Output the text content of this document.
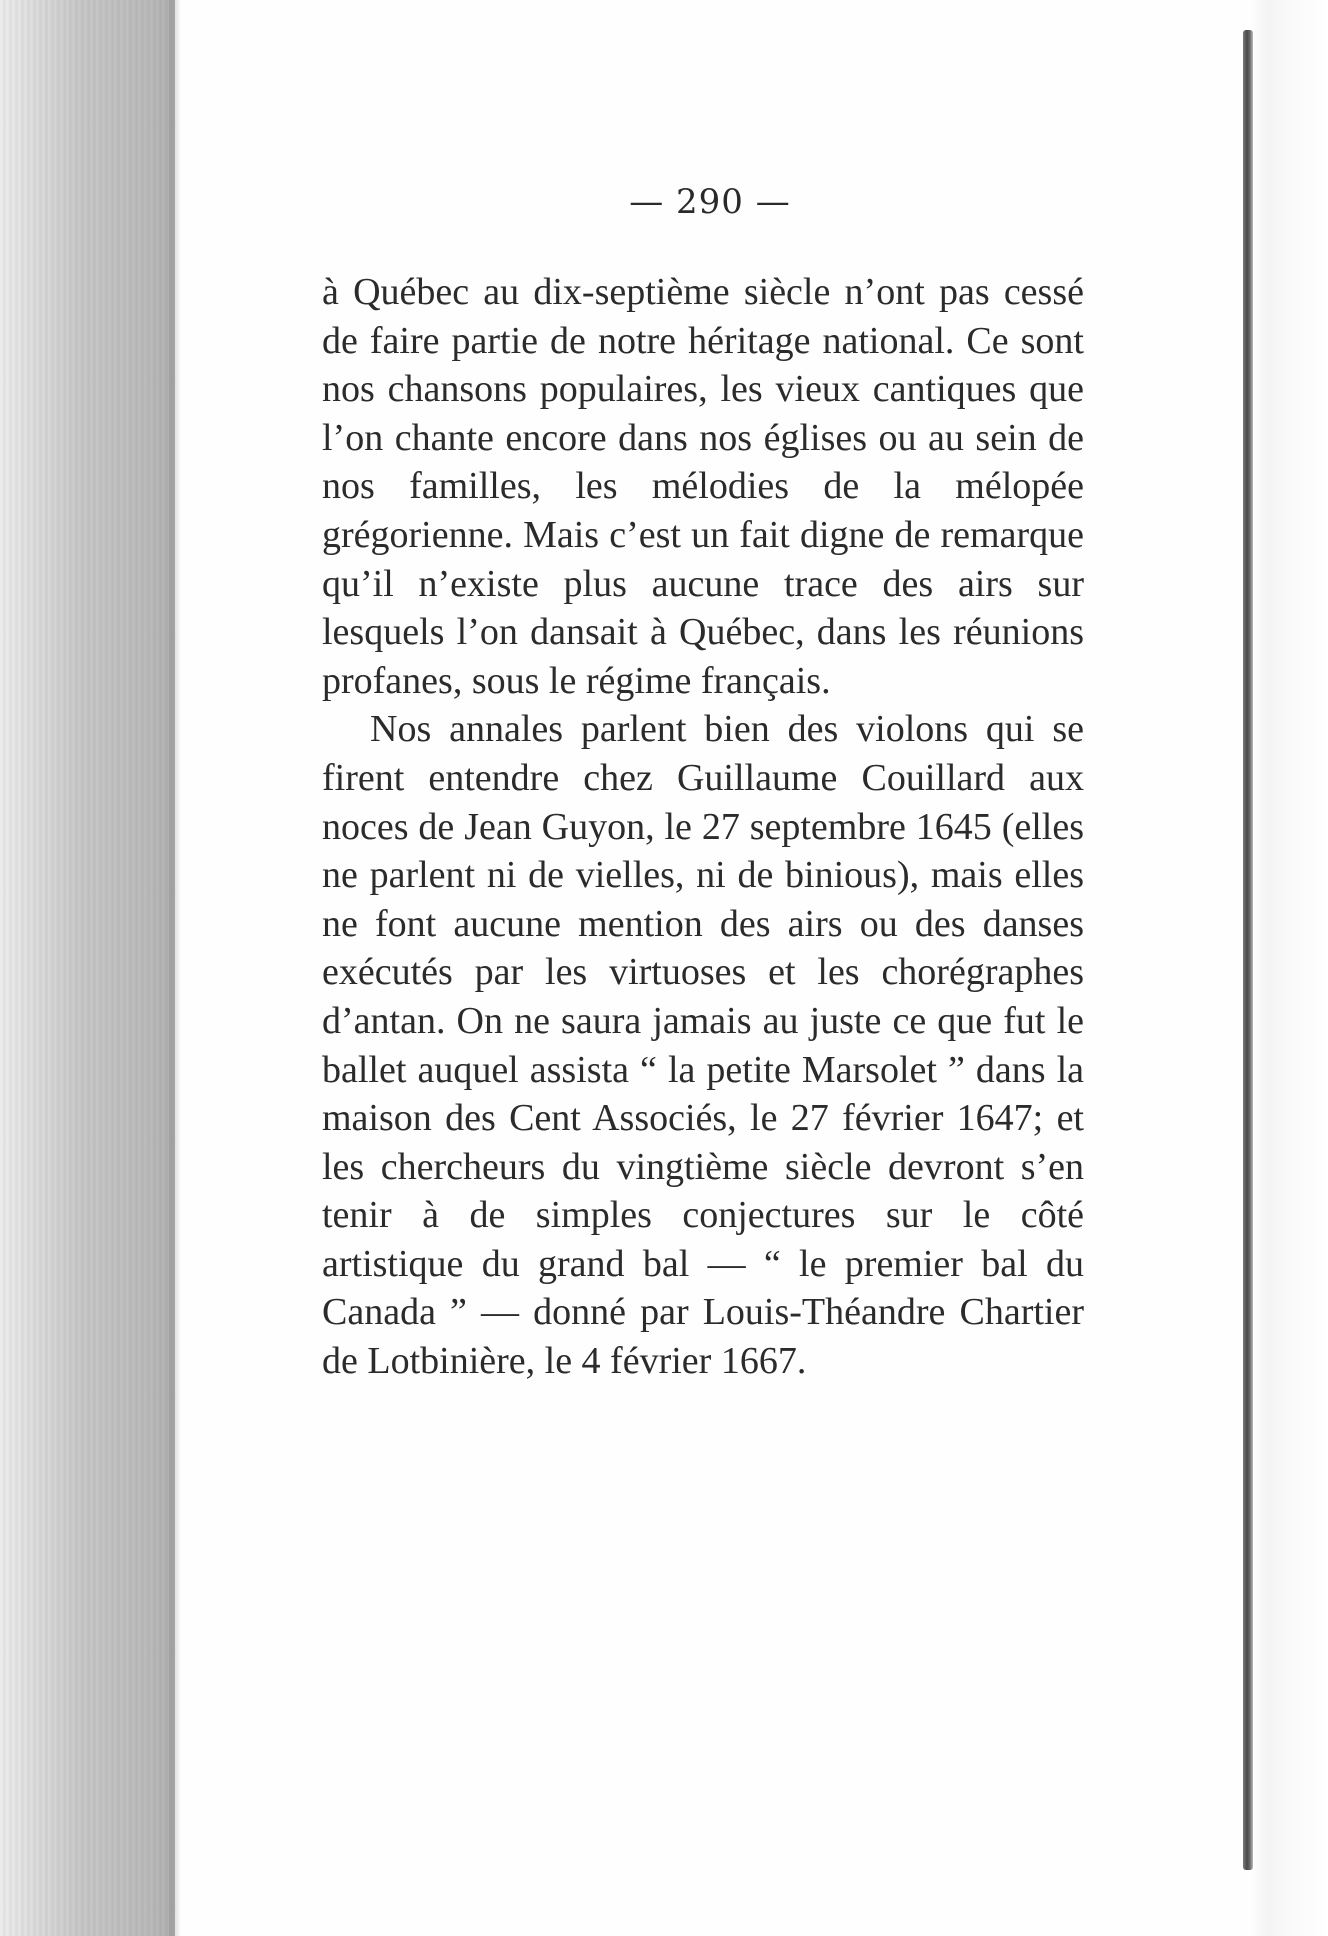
— 290 —

à Québec au dix-septième siècle n’ont pas cessé de faire partie de notre héritage national. Ce sont nos chansons populaires, les vieux cantiques que l’on chante encore dans nos églises ou au sein de nos familles, les mélodies de la mélopée grégorienne. Mais c’est un fait digne de remarque qu’il n’existe plus aucune trace des airs sur lesquels l’on dansait à Québec, dans les réunions profanes, sous le régime français.

Nos annales parlent bien des violons qui se firent entendre chez Guillaume Couillard aux noces de Jean Guyon, le 27 septembre 1645 (elles ne parlent ni de vielles, ni de binious), mais elles ne font aucune mention des airs ou des danses exécutés par les virtuoses et les chorégraphes d’antan. On ne saura jamais au juste ce que fut le ballet auquel assista “ la petite Marsolet ” dans la maison des Cent Associés, le 27 février 1647; et les chercheurs du vingtième siècle devront s’en tenir à de simples conjectures sur le côté artistique du grand bal — “ le premier bal du Canada ” — donné par Louis-Théandre Chartier de Lotbinière, le 4 février 1667.
